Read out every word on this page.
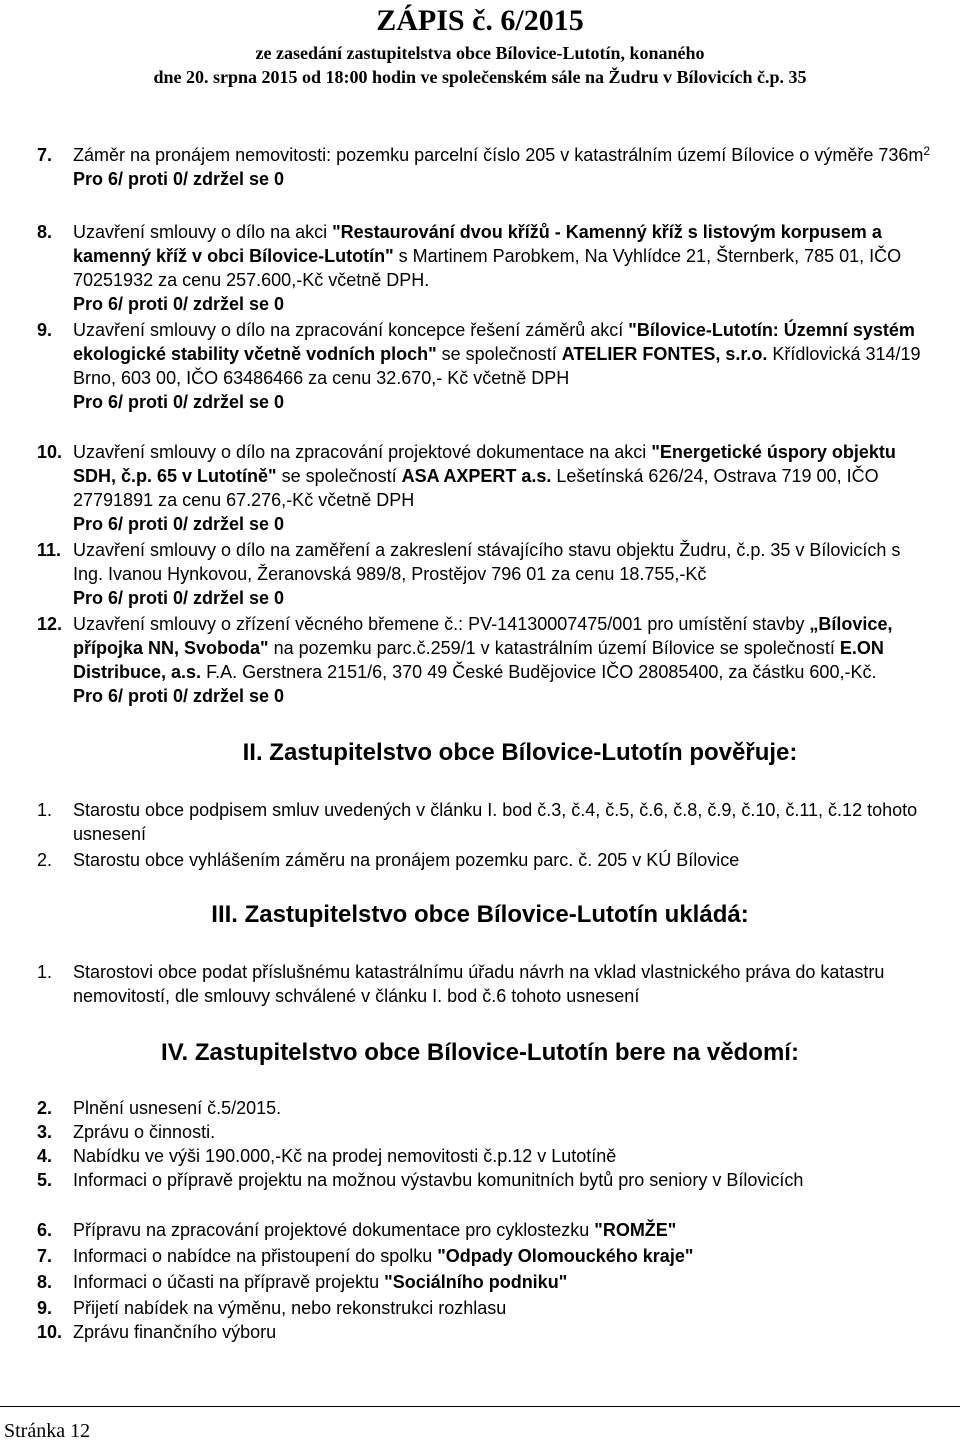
ZÁPIS č. 6/2015
ze zasedání zastupitelstva obce Bílovice-Lutotín, konaného
dne 20. srpna 2015 od 18:00 hodin ve společenském sále na Žudru v Bílovicích č.p. 35
7. Záměr na pronájem nemovitosti: pozemku parcelní číslo 205 v katastrálním území Bílovice o výměře $736m^2$
Pro 6/ proti 0/ zdržel se 0
8. Uzavření smlouvy o dílo na akci "Restaurování dvou křížů - Kamenný kříž s listovým korpusem a kamenný kříž v obci Bílovice-Lutotín" s Martinem Parobkem, Na Vyhlídce 21, Šternberk, 785 01, IČO 70251932 za cenu 257.600,-Kč včetně DPH.
Pro 6/ proti 0/ zdržel se 0
9. Uzavření smlouvy o dílo na zpracování koncepce řešení záměrů akcí "Bílovice-Lutotín: Územní systém ekologické stability včetně vodních ploch" se společností ATELIER FONTES, s.r.o. Křídlovická 314/19 Brno, 603 00, IČO 63486466 za cenu 32.670,- Kč včetně DPH
Pro 6/ proti 0/ zdržel se 0
10. Uzavření smlouvy o dílo na zpracování projektové dokumentace na akci "Energetické úspory objektu SDH, č.p. 65 v Lutotíně" se společností ASA AXPERT a.s. Lešetínská 626/24, Ostrava 719 00, IČO 27791891 za cenu 67.276,-Kč včetně DPH
Pro 6/ proti 0/ zdržel se 0
11. Uzavření smlouvy o dílo na zaměření a zakreslení stávajícího stavu objektu Žudru, č.p. 35 v Bílovicích s Ing. Ivanou Hynkovou, Žeranovská 989/8, Prostějov 796 01 za cenu 18.755,-Kč
Pro 6/ proti 0/ zdržel se 0
12. Uzavření smlouvy o zřízení věcného břemene č.: PV-14130007475/001 pro umístění stavby „Bílovice, přípojka NN, Svoboda" na pozemku parc.č.259/1 v katastrálním území Bílovice se společností E.ON Distribuce, a.s. F.A. Gerstnera 2151/6, 370 49 České Budějovice IČO 28085400, za částku 600,-Kč.
Pro 6/ proti 0/ zdržel se 0
II. Zastupitelstvo obce Bílovice-Lutotín pověřuje:
1. Starostu obce podpisem smluv uvedených v článku I. bod č.3, č.4, č.5, č.6, č.8, č.9, č.10, č.11, č.12 tohoto usnesení
2. Starostu obce vyhlášením záměru na pronájem pozemku parc. č. 205 v KÚ Bílovice
III. Zastupitelstvo obce Bílovice-Lutotín ukládá:
1. Starostovi obce podat příslušnému katastrálnímu úřadu návrh na vklad vlastnického práva do katastru nemovitostí, dle smlouvy schválené v článku I. bod č.6 tohoto usnesení
IV. Zastupitelstvo obce Bílovice-Lutotín bere na vědomí:
2. Plnění usnesení č.5/2015.
3. Zprávu o činnosti.
4. Nabídku ve výši 190.000,-Kč na prodej nemovitosti č.p.12 v Lutotíně
5. Informaci o přípravě projektu na možnou výstavbu komunitních bytů pro seniory v Bílovicích
6. Přípravu na zpracování projektové dokumentace pro cyklostezku "ROMŽE"
7. Informaci o nabídce na přistoupení do spolku "Odpady Olomouckého kraje"
8. Informaci o účasti na přípravě projektu "Sociálního podniku"
9. Přijetí nabídek na výměnu, nebo rekonstrukci rozhlasu
10. Zprávu finančního výboru
Stránka 12
